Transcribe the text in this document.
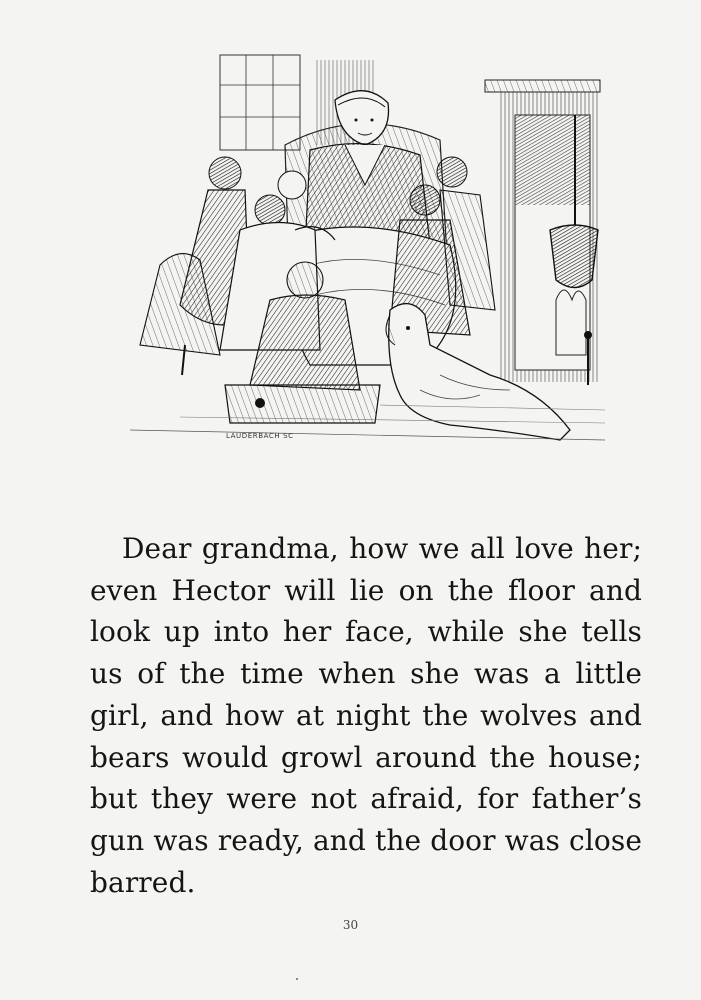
LAUDERBACH SC

Dear grandma, how we all love her; even Hector will lie on the floor and look up into her face, while she tells us of the time when she was a little girl, and how at night the wolves and bears would growl around the house; but they were not afraid, for father’s gun was ready, and the door was close barred.

30
